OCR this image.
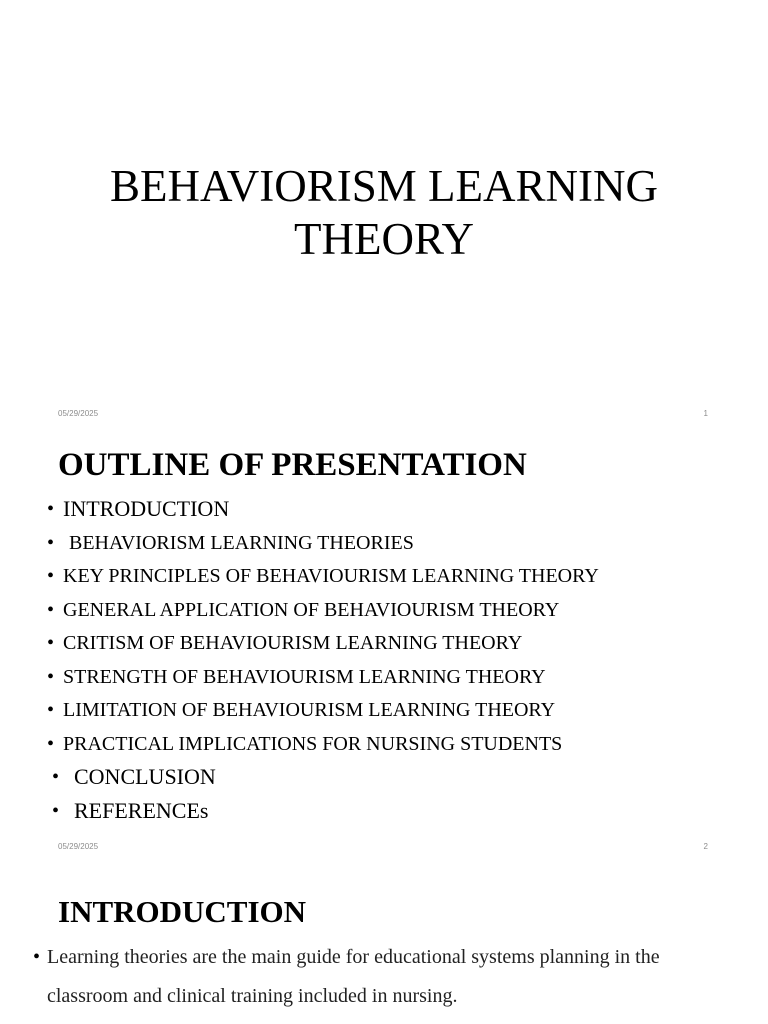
BEHAVIORISM LEARNING
THEORY
05/29/2025	1
OUTLINE OF PRESENTATION
• INTRODUCTION
• BEHAVIORISM LEARNING THEORIES
• KEY PRINCIPLES OF BEHAVIOURISM LEARNING THEORY
• GENERAL APPLICATION OF BEHAVIOURISM THEORY
• CRITISM OF BEHAVIOURISM LEARNING THEORY
• STRENGTH OF BEHAVIOURISM LEARNING THEORY
• LIMITATION OF BEHAVIOURISM LEARNING THEORY
• PRACTICAL IMPLICATIONS FOR NURSING STUDENTS
• CONCLUSION
• REFERENCEs
05/29/2025	2
INTRODUCTION
• Learning theories are the main guide for educational systems planning in the classroom and clinical training included in nursing.
